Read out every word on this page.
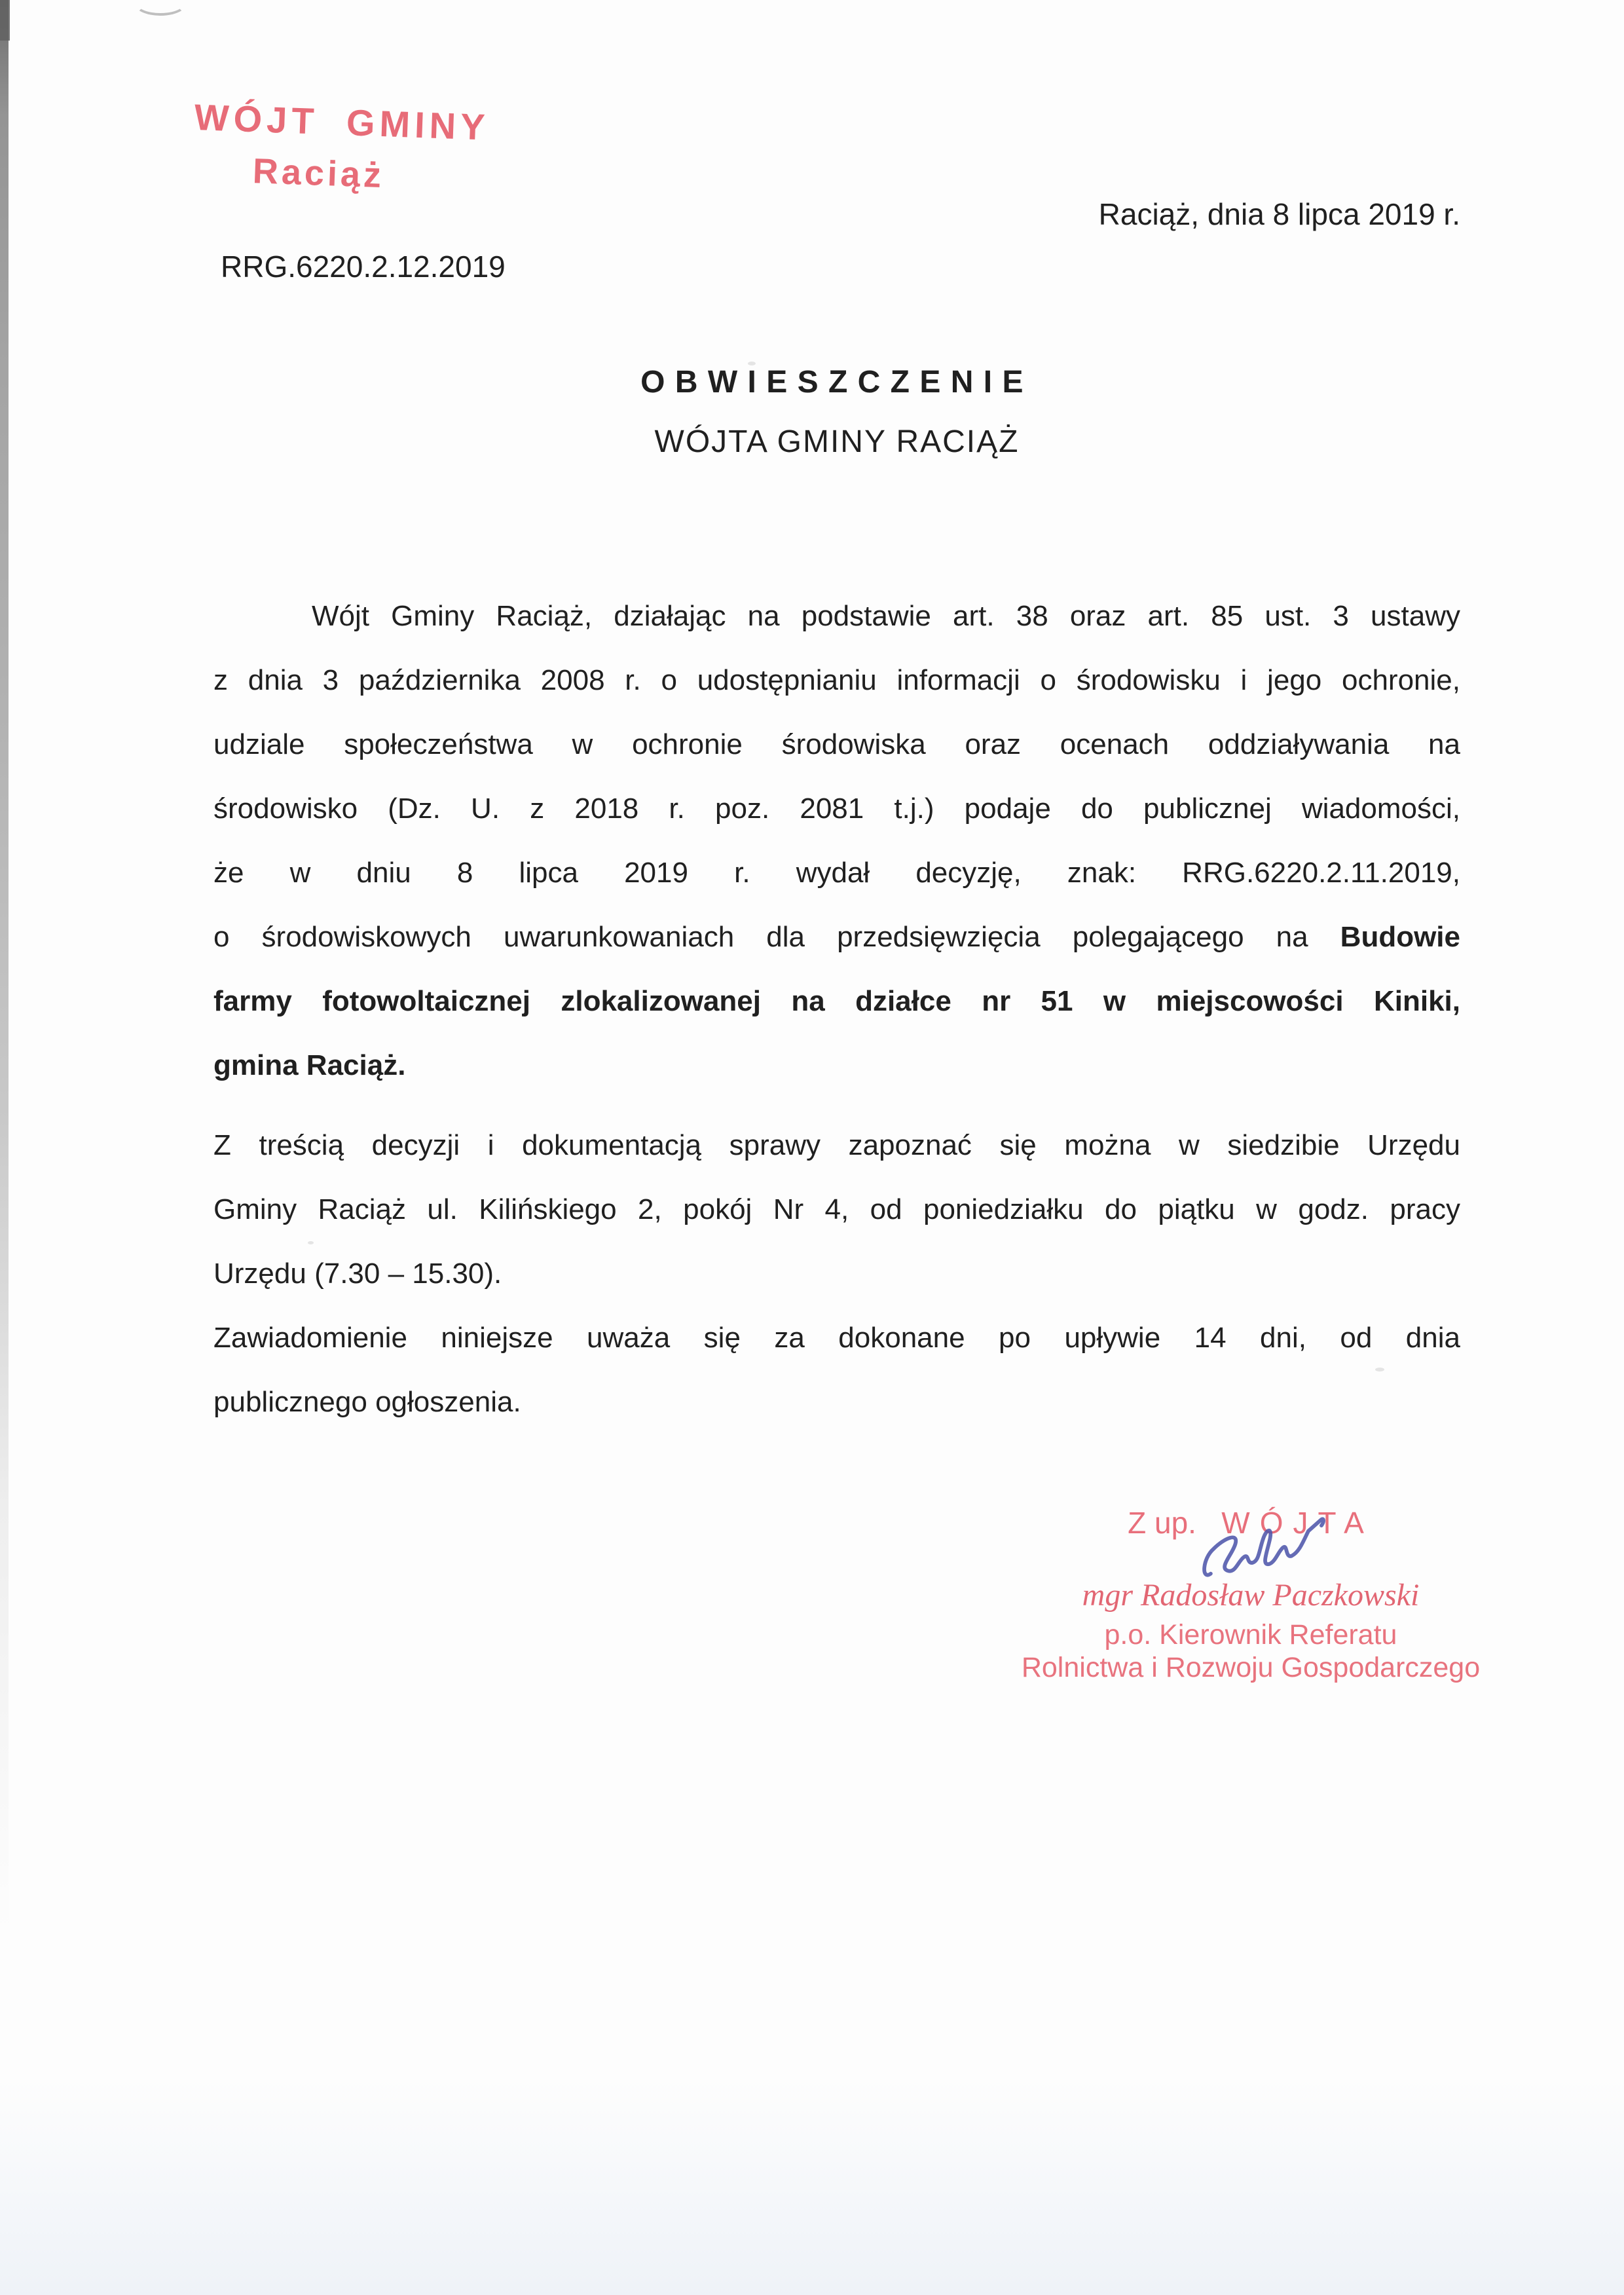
WÓJT GMINY
Raciąż
Raciąż, dnia 8 lipca 2019 r.
RRG.6220.2.12.2019
OBWIESZCZENIE
WÓJTA GMINY RACIĄŻ
Wójt Gminy Raciąż, działając na podstawie art. 38 oraz art. 85 ust. 3 ustawy
z dnia 3 października 2008 r. o udostępnianiu informacji o środowisku i jego ochronie,
udziale społeczeństwa w ochronie środowiska oraz ocenach oddziaływania na
środowisko (Dz. U. z 2018 r. poz. 2081 t.j.) podaje do publicznej wiadomości,
że w dniu 8 lipca 2019 r. wydał decyzję, znak: RRG.6220.2.11.2019,
o środowiskowych uwarunkowaniach dla przedsięwzięcia polegającego na Budowie
farmy fotowoltaicznej zlokalizowanej na działce nr 51 w miejscowości Kiniki,
gmina Raciąż.
Z treścią decyzji i dokumentacją sprawy zapoznać się można w siedzibie Urzędu
Gminy Raciąż ul. Kilińskiego 2, pokój Nr 4, od poniedziałku do piątku w godz. pracy
Urzędu (7.30 – 15.30).
Zawiadomienie niniejsze uważa się za dokonane po upływie 14 dni, od dnia
publicznego ogłoszenia.
Z up. WÓJTA
mgr Radosław Paczkowski
p.o. Kierownik Referatu
Rolnictwa i Rozwoju Gospodarczego
